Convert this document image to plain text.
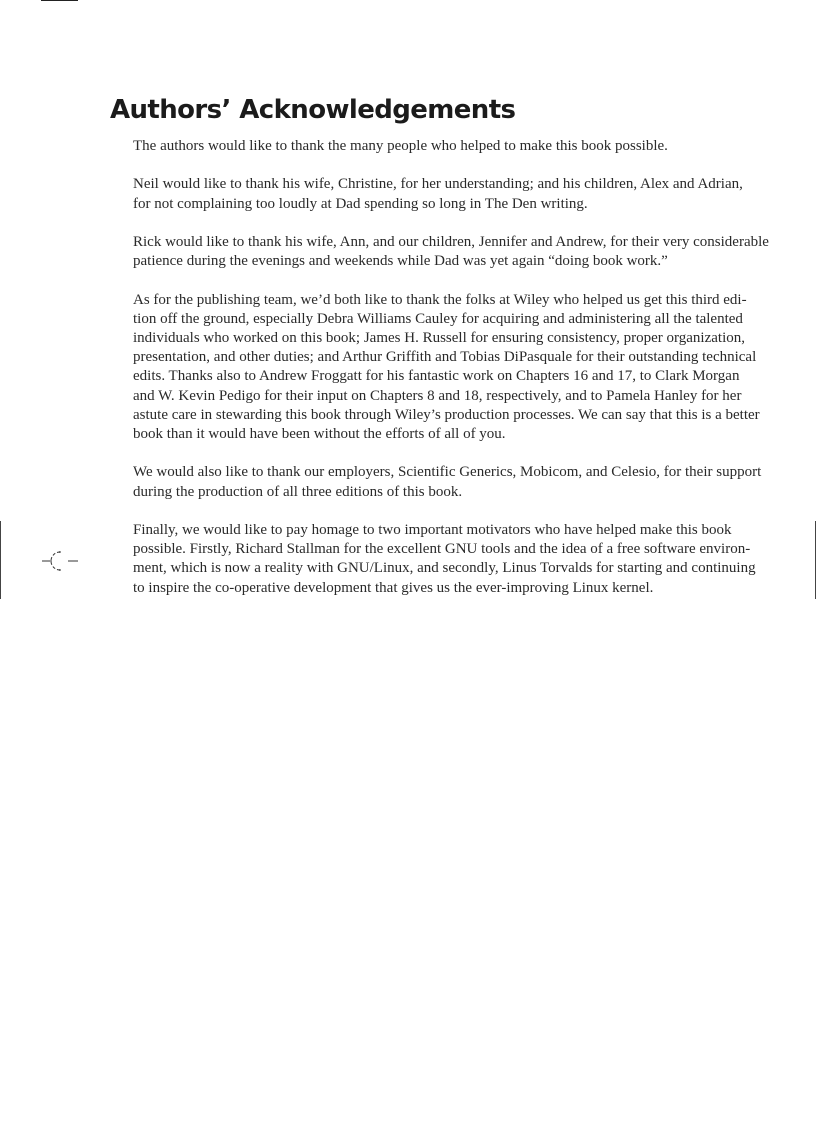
Authors’ Acknowledgements

The authors would like to thank the many people who helped to make this book possible.

Neil would like to thank his wife, Christine, for her understanding; and his children, Alex and Adrian,
for not complaining too loudly at Dad spending so long in The Den writing.

Rick would like to thank his wife, Ann, and our children, Jennifer and Andrew, for their very considerable
patience during the evenings and weekends while Dad was yet again “doing book work.”

As for the publishing team, we’d both like to thank the folks at Wiley who helped us get this third edi-
tion off the ground, especially Debra Williams Cauley for acquiring and administering all the talented
individuals who worked on this book; James H. Russell for ensuring consistency, proper organization,
presentation, and other duties; and Arthur Griffith and Tobias DiPasquale for their outstanding technical
edits. Thanks also to Andrew Froggatt for his fantastic work on Chapters 16 and 17, to Clark Morgan
and W. Kevin Pedigo for their input on Chapters 8 and 18, respectively, and to Pamela Hanley for her
astute care in stewarding this book through Wiley’s production processes. We can say that this is a better
book than it would have been without the efforts of all of you.

We would also like to thank our employers, Scientific Generics, Mobicom, and Celesio, for their support
during the production of all three editions of this book.

Finally, we would like to pay homage to two important motivators who have helped make this book
possible. Firstly, Richard Stallman for the excellent GNU tools and the idea of a free software environ-
ment, which is now a reality with GNU/Linux, and secondly, Linus Torvalds for starting and continuing
to inspire the co-operative development that gives us the ever-improving Linux kernel.
